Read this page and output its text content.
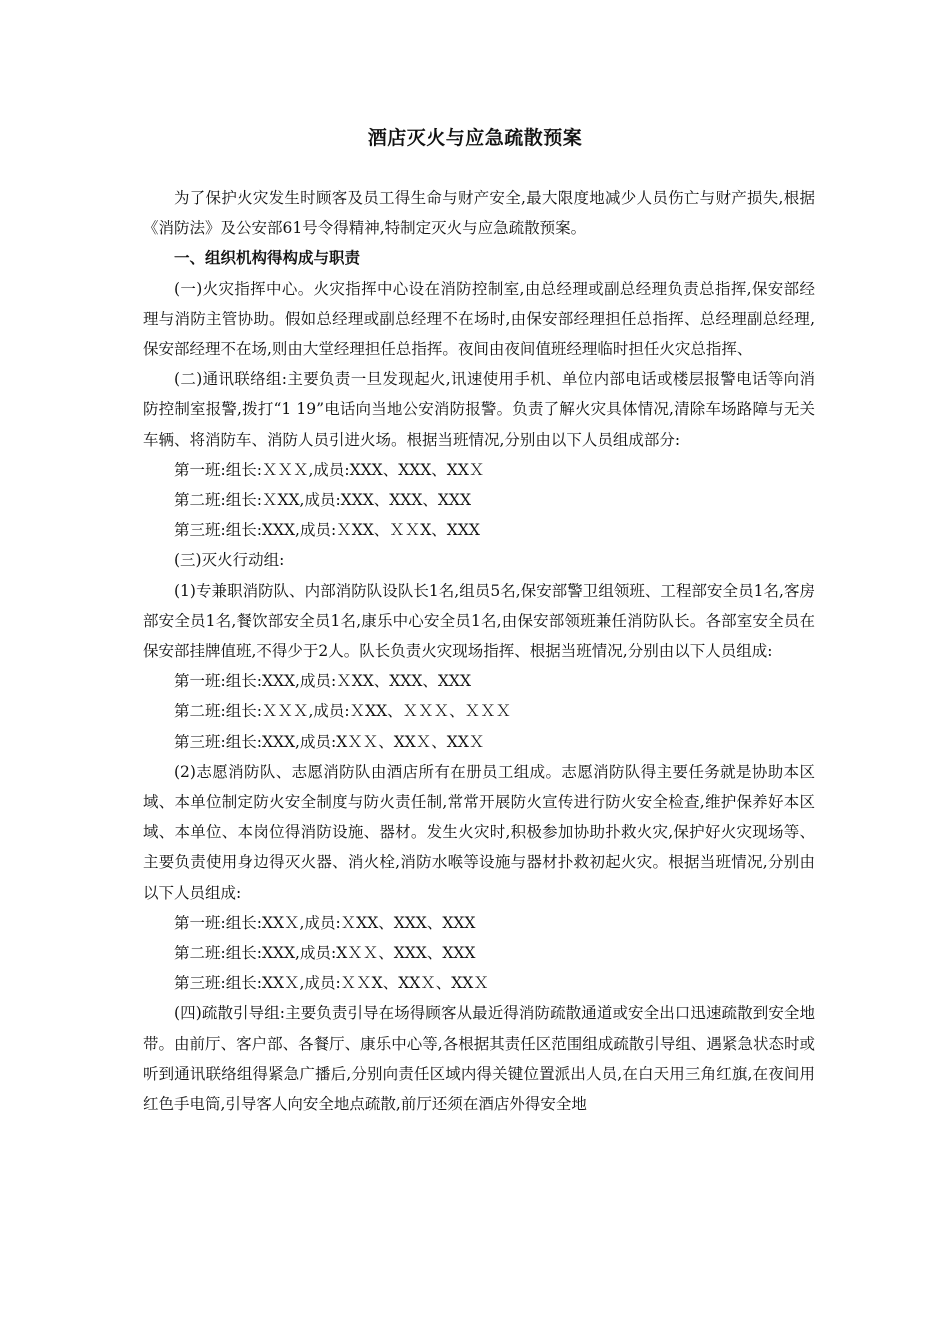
酒店灭火与应急疏散预案

为了保护火灾发生时顾客及员工得生命与财产安全,最大限度地减少人员伤亡与财产损失,根据《消防法》及公安部61号令得精神,特制定灭火与应急疏散预案。

一、组织机构得构成与职责

(一)火灾指挥中心。火灾指挥中心设在消防控制室,由总经理或副总经理负责总指挥,保安部经理与消防主管协助。假如总经理或副总经理不在场时,由保安部经理担任总指挥、总经理副总经理,保安部经理不在场,则由大堂经理担任总指挥。夜间由夜间值班经理临时担任火灾总指挥、

(二)通讯联络组:主要负责一旦发现起火,讯速使用手机、单位内部电话或楼层报警电话等向消防控制室报警,拨打“1 19”电话向当地公安消防报警。负责了解火灾具体情况,清除车场路障与无关车辆、将消防车、消防人员引进火场。根据当班情况,分别由以下人员组成部分:

第一班:组长:ＸＸＸ,成员:XXX、XXX、XXＸ

第二班:组长:ＸXX,成员:XXX、XXX、XXX

第三班:组长:XXX,成员:ＸXX、ＸＸX、XXX

(三)灭火行动组:

(1)专兼职消防队、内部消防队设队长1名,组员5名,保安部警卫组领班、工程部安全员1名,客房部安全员1名,餐饮部安全员1名,康乐中心安全员1名,由保安部领班兼任消防队长。各部室安全员在保安部挂牌值班,不得少于2人。队长负责火灾现场指挥、根据当班情况,分别由以下人员组成:

第一班:组长:XXX,成员:ＸXX、XXX、XXX

第二班:组长:ＸＸＸ,成员:ＸXX、ＸＸＸ、ＸＸＸ

第三班:组长:XXX,成员:XＸＸ、XXＸ、XXＸ

(2)志愿消防队、志愿消防队由酒店所有在册员工组成。志愿消防队得主要任务就是协助本区域、本单位制定防火安全制度与防火责任制,常常开展防火宣传进行防火安全检查,维护保养好本区域、本单位、本岗位得消防设施、器材。发生火灾时,积极参加协助扑救火灾,保护好火灾现场等、主要负责使用身边得灭火器、消火栓,消防水喉等设施与器材扑救初起火灾。根据当班情况,分别由以下人员组成:

第一班:组长:XXＸ,成员:ＸXX、XXX、XXX

第二班:组长:XXX,成员:XＸＸ、XXX、XXX

第三班:组长:XXＸ,成员:ＸＸX、XXＸ、XXＸ

(四)疏散引导组:主要负责引导在场得顾客从最近得消防疏散通道或安全出口迅速疏散到安全地带。由前厅、客户部、各餐厅、康乐中心等,各根据其责任区范围组成疏散引导组、遇紧急状态时或听到通讯联络组得紧急广播后,分别向责任区域内得关键位置派出人员,在白天用三角红旗,在夜间用红色手电筒,引导客人向安全地点疏散,前厅还须在酒店外得安全地
